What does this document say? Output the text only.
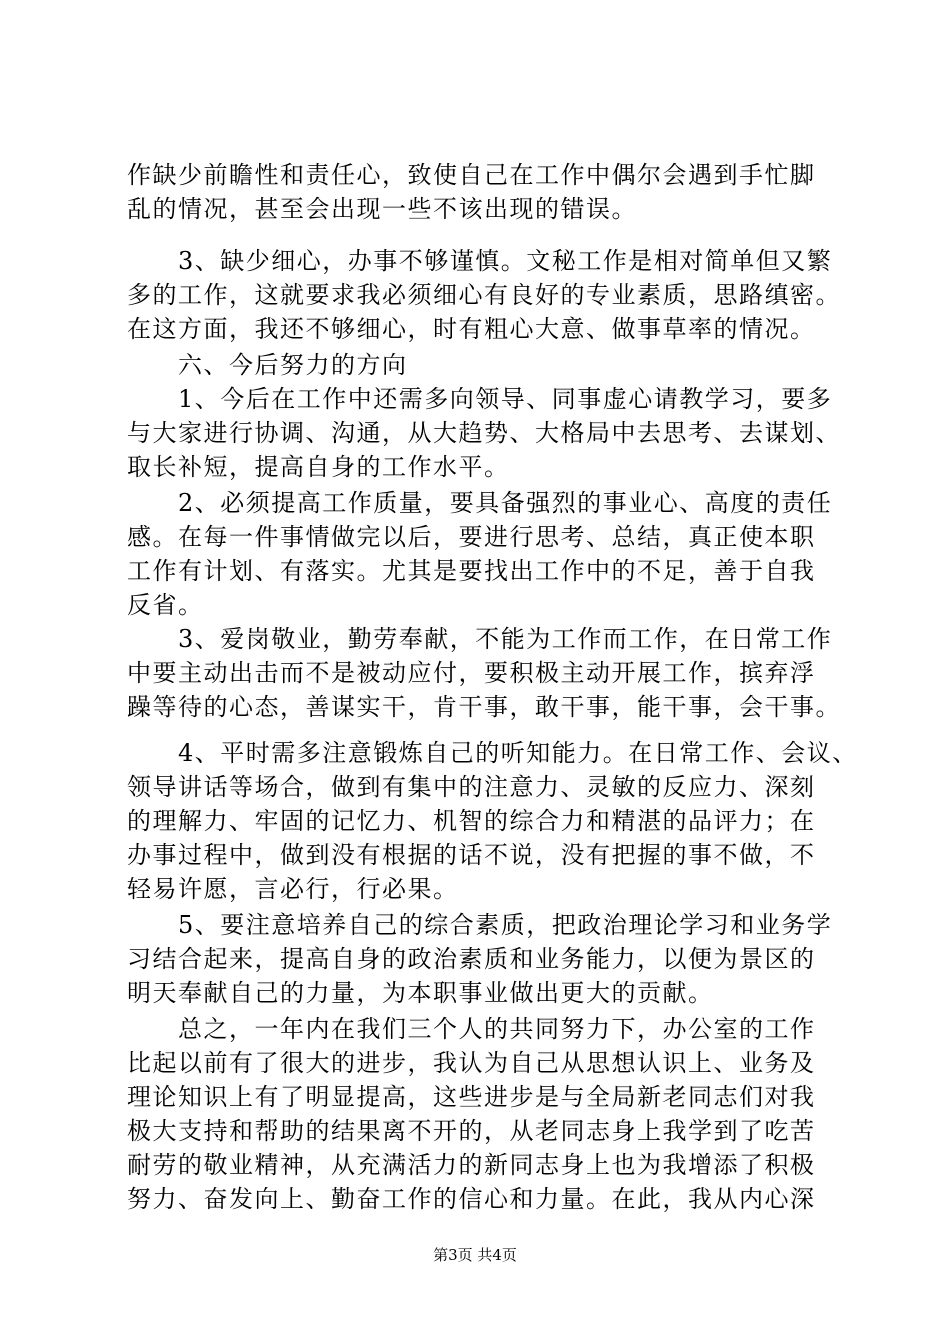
作缺少前瞻性和责任心，致使自己在工作中偶尔会遇到手忙脚
乱的情况，甚至会出现一些不该出现的错误。
　　3、缺少细心，办事不够谨慎。文秘工作是相对简单但又繁
多的工作，这就要求我必须细心有良好的专业素质，思路缜密。
在这方面，我还不够细心，时有粗心大意、做事草率的情况。
　　六、今后努力的方向
　　1、今后在工作中还需多向领导、同事虚心请教学习，要多
与大家进行协调、沟通，从大趋势、大格局中去思考、去谋划、
取长补短，提高自身的工作水平。
　　2、必须提高工作质量，要具备强烈的事业心、高度的责任
感。在每一件事情做完以后，要进行思考、总结，真正使本职
工作有计划、有落实。尤其是要找出工作中的不足，善于自我
反省。
　　3、爱岗敬业，勤劳奉献，不能为工作而工作，在日常工作
中要主动出击而不是被动应付，要积极主动开展工作，摈弃浮
躁等待的心态，善谋实干，肯干事，敢干事，能干事，会干事。
　　4、平时需多注意锻炼自己的听知能力。在日常工作、会议、
领导讲话等场合，做到有集中的注意力、灵敏的反应力、深刻
的理解力、牢固的记忆力、机智的综合力和精湛的品评力；在
办事过程中，做到没有根据的话不说，没有把握的事不做，不
轻易许愿，言必行，行必果。
　　5、要注意培养自己的综合素质，把政治理论学习和业务学
习结合起来，提高自身的政治素质和业务能力，以便为景区的
明天奉献自己的力量，为本职事业做出更大的贡献。
　　总之，一年内在我们三个人的共同努力下，办公室的工作
比起以前有了很大的进步，我认为自己从思想认识上、业务及
理论知识上有了明显提高，这些进步是与全局新老同志们对我
极大支持和帮助的结果离不开的，从老同志身上我学到了吃苦
耐劳的敬业精神，从充满活力的新同志身上也为我增添了积极
努力、奋发向上、勤奋工作的信心和力量。在此，我从内心深
第3页 共4页
